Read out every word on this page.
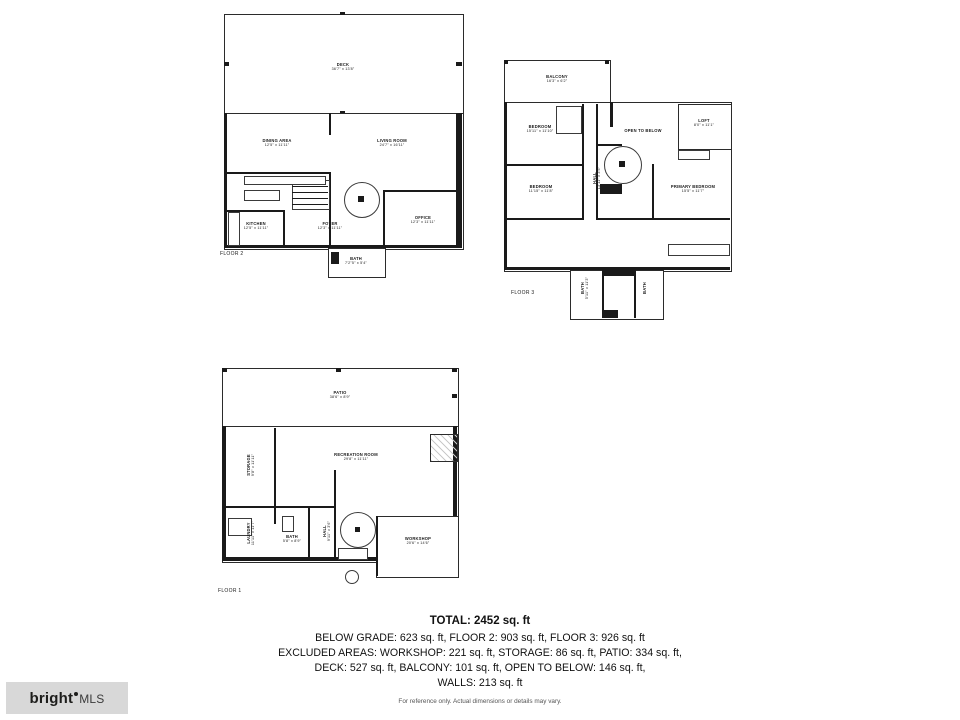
DECK
36'7" x 13'8"
DINING AREA
12'5" x 11'11"
LIVING ROOM
24'7" x 16'11"
KITCHEN
12'5" x 11'11"
FOYER
12'3" x 11'11"
OFFICE
12'3" x 11'11"
BATH
7'2"5" x 5'4"
FLOOR 2
BALCONY
16'3" x 6'2"
BEDROOM
15'11" x 11'10"	OPEN TO BELOW
LOFT
8'0" x 11'1"
BEDROOM
11'15" x 11'8"
PRIMARY BEDROOM
15'5" x 11'7"
HALL 13'11" x 3'5"
BATH 5'11" x 11'3"	BATH
FLOOR 3
PATIO
38'6" x 8'9"
RECREATION ROOM
29'8" x 11'11"
WORKSHOP
20'6" x 14'6"
STORAGE 9'8" x 11'11"
LAUNDRY 11'11" x 11'7"	BATH
5'8" x 8'9"
HALL 9'11" x 3'6"
FLOOR 1
TOTAL: 2452 sq. ft
BELOW GRADE: 623 sq. ft, FLOOR 2: 903 sq. ft, FLOOR 3: 926 sq. ft
EXCLUDED AREAS: WORKSHOP: 221 sq. ft, STORAGE: 86 sq. ft, PATIO: 334 sq. ft,
DECK: 527 sq. ft, BALCONY: 101 sq. ft, OPEN TO BELOW: 146 sq. ft,
WALLS: 213 sq. ft
For reference only. Actual dimensions or details may vary.
bright MLS
